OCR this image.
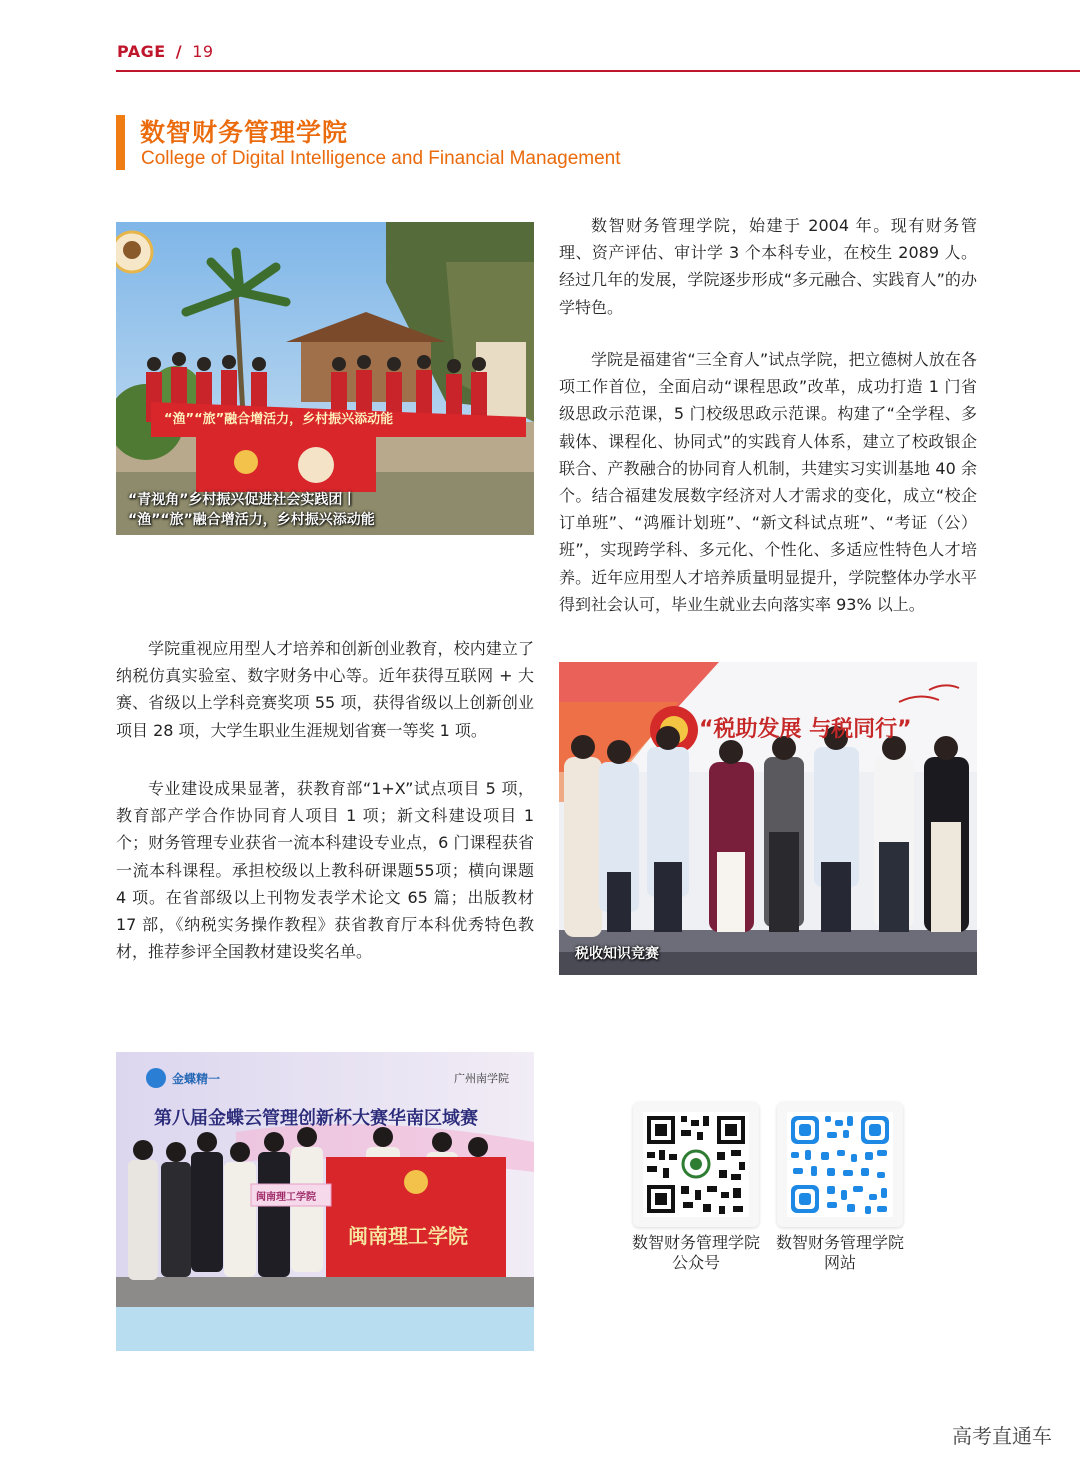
PAGE / 19
数智财务管理学院
College of Digital Intelligence and Financial Management
“渔”“旅”融合增活力，乡村振兴添动能
“青视角”乡村振兴促进社会实践团丨
“渔”“旅”融合增活力，乡村振兴添动能

数智财务管理学院，始建于 2004 年。现有财务管理、资产评估、审计学 3 个本科专业，在校生 2089 人。经过几年的发展，学院逐步形成“多元融合、实践育人”的办学特色。

学院是福建省“三全育人”试点学院，把立德树人放在各项工作首位，全面启动“课程思政”改革，成功打造 1 门省级思政示范课，5 门校级思政示范课。构建了“全学程、多载体、课程化、协同式”的实践育人体系，建立了校政银企联合、产教融合的协同育人机制，共建实习实训基地 40 余个。结合福建发展数字经济对人才需求的变化，成立“校企订单班”、“鸿雁计划班”、“新文科试点班”、“考证（公）班”，实现跨学科、多元化、个性化、多适应性特色人才培养。近年应用型人才培养质量明显提升，学院整体办学水平得到社会认可，毕业生就业去向落实率 93% 以上。

学院重视应用型人才培养和创新创业教育，校内建立了纳税仿真实验室、数字财务中心等。近年获得互联网 + 大赛、省级以上学科竞赛奖项 55 项，获得省级以上创新创业项目 28 项，大学生职业生涯规划省赛一等奖 1 项。

专业建设成果显著，获教育部“1+X”试点项目 5 项，教育部产学合作协同育人项目 1 项；新文科建设项目 1 个；财务管理专业获省一流本科建设专业点，6 门课程获省一流本科课程。承担校级以上教科研课题55项；横向课题 4 项。在省部级以上刊物发表学术论文 65 篇；出版教材 17 部，《纳税实务操作教程》获省教育厅本科优秀特色教材，推荐参评全国教材建设奖名单。

“税助发展 与税同行”
税收知识竞赛
金蝶精一	广州南学院
第八届金蝶云管理创新杯大赛华南区域赛
闽南理工学院
闽南理工学院	数智财务管理学院
公众号
数智财务管理学院
网站
高考直通车
